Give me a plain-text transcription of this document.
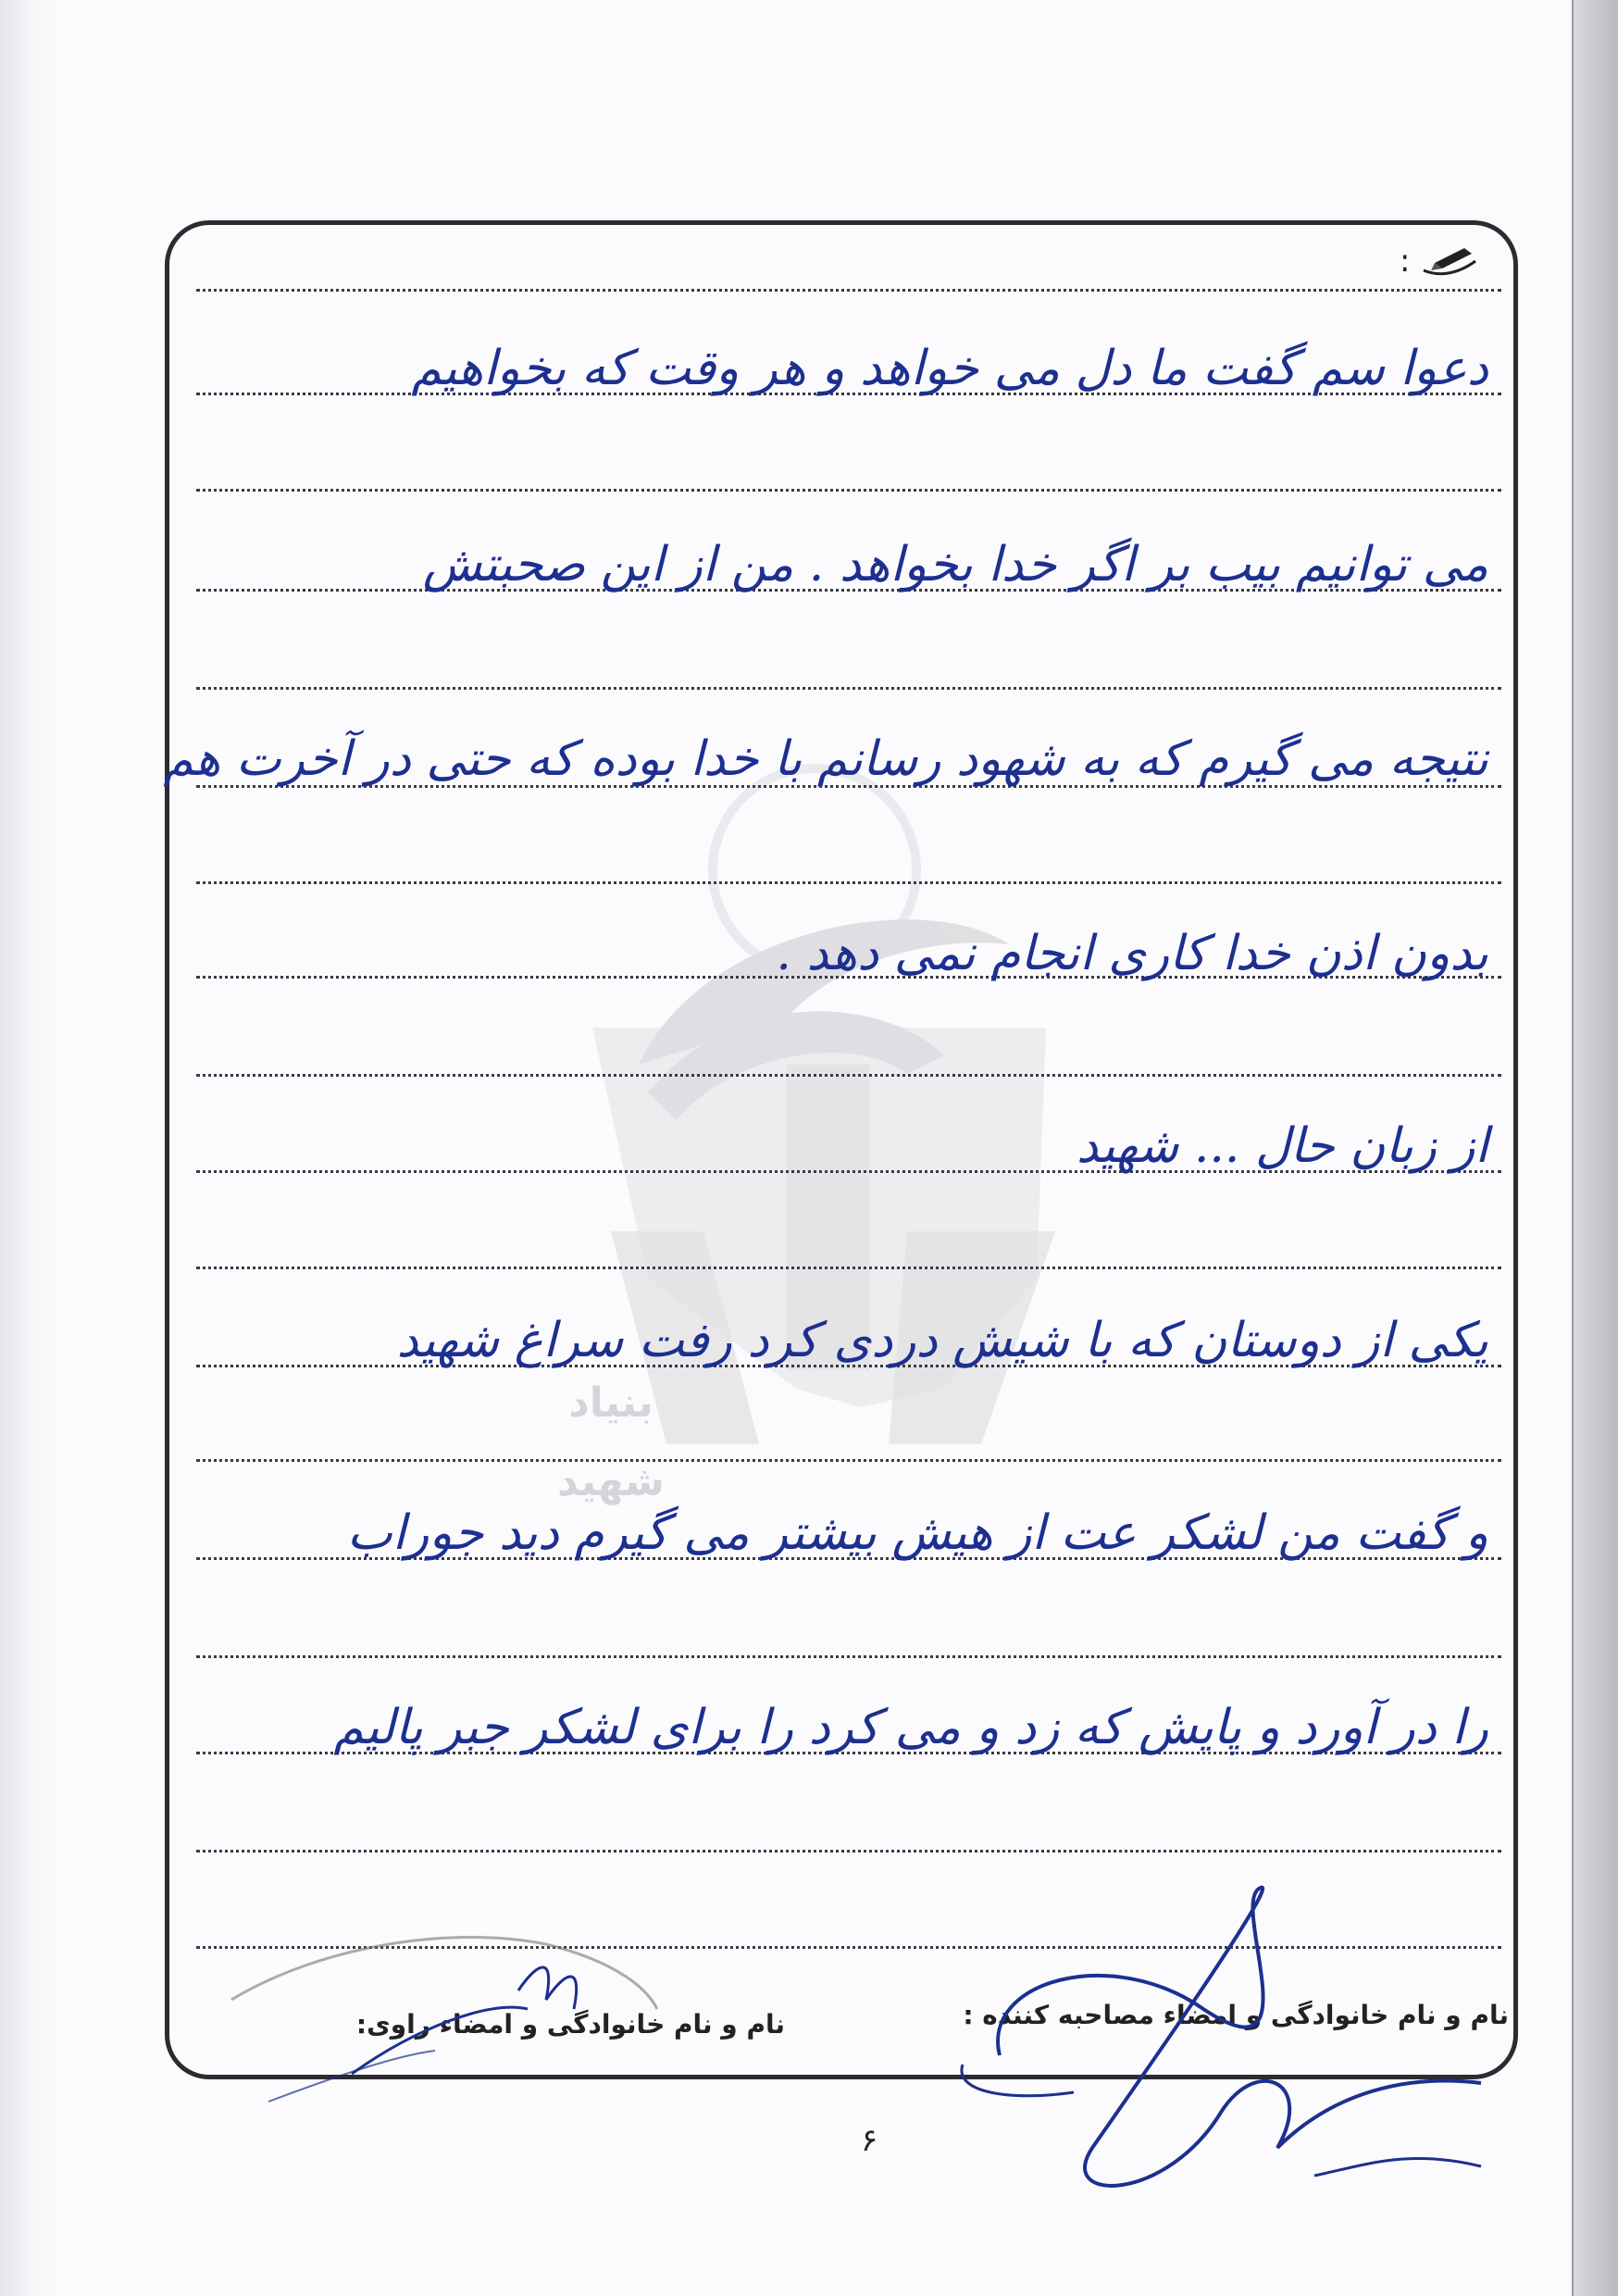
بنیاد
شهید
:
دعوا سم گفت ما دل می خواهد و هر وقت که بخواهیم
می توانیم بیب بر اگر خدا بخواهد . من از این صحبتش
نتیجه می گیرم که به شهود رسانم با خدا بوده که حتی در آخرت هم
بدون اذن خدا کاری انجام نمی دهد .
از زبان حال ... شهید
یکی از دوستان که با شیش دردی کرد رفت سراغ شهید
و گفت من لشکر عت از هیش بیشتر می گیرم دید جوراب
را در آورد و پایش که زد و می کرد را برای لشکر جبر پالیم
نام و نام خانوادگی و امضاء مصاحبه کننده :
نام و نام خانوادگی و امضاء راوی:
۶
